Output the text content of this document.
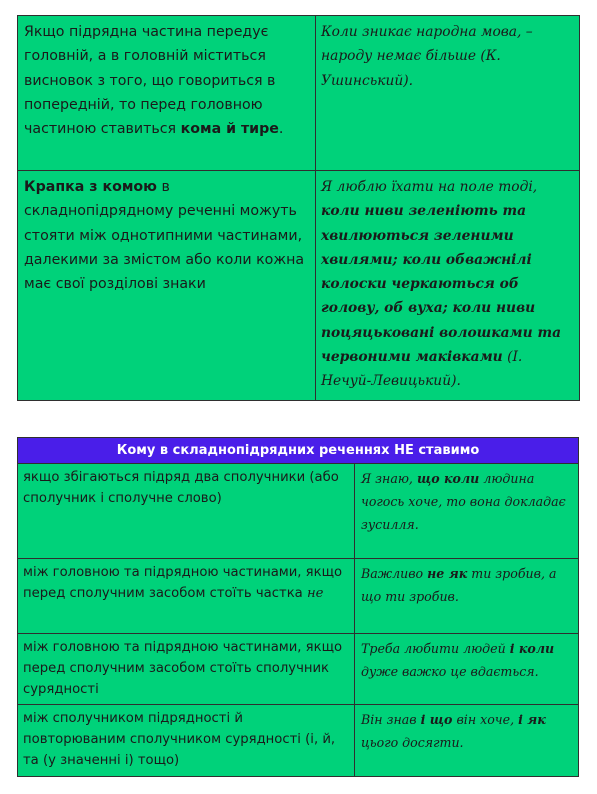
Якщо підрядна частина передує головній, а в головній міститься висновок з того, що говориться в попередній, то перед головною частиною ставиться кома й тире.	Коли зникає народна мова, – народу немає більше (К. Ушинський).
Крапка з комою в складнопідрядному реченні можуть стояти між однотипними частинами, далекими за змістом або коли кожна має свої розділові знаки	Я люблю їхати на поле тоді, коли ниви зеленіють та хвилюються зеленими хвилями; коли обважнілі колоски черкаються об голову, об вуха; коли ниви поцяцьковані волошками та червоними маківками (І. Нечуй-Левицький).
Кому в складнопідрядних реченнях НЕ ставимо	
якщо збігаються підряд два сполучники (або сполучник і сполучне слово)	Я знаю, що коли людина чогось хоче, то вона докладає зусилля.
між головною та підрядною частинами, якщо перед сполучним засобом стоїть частка не	Важливо не як ти зробив, а що ти зробив.
між головною та підрядною частинами, якщо перед сполучним засобом стоїть сполучник сурядності	Треба любити людей і коли дуже важко це вдається.
між сполучником підрядності й повторюваним сполучником сурядності (і, й, та (у значенні і) тощо)	Він знав і що він хоче, і як цього досягти.
